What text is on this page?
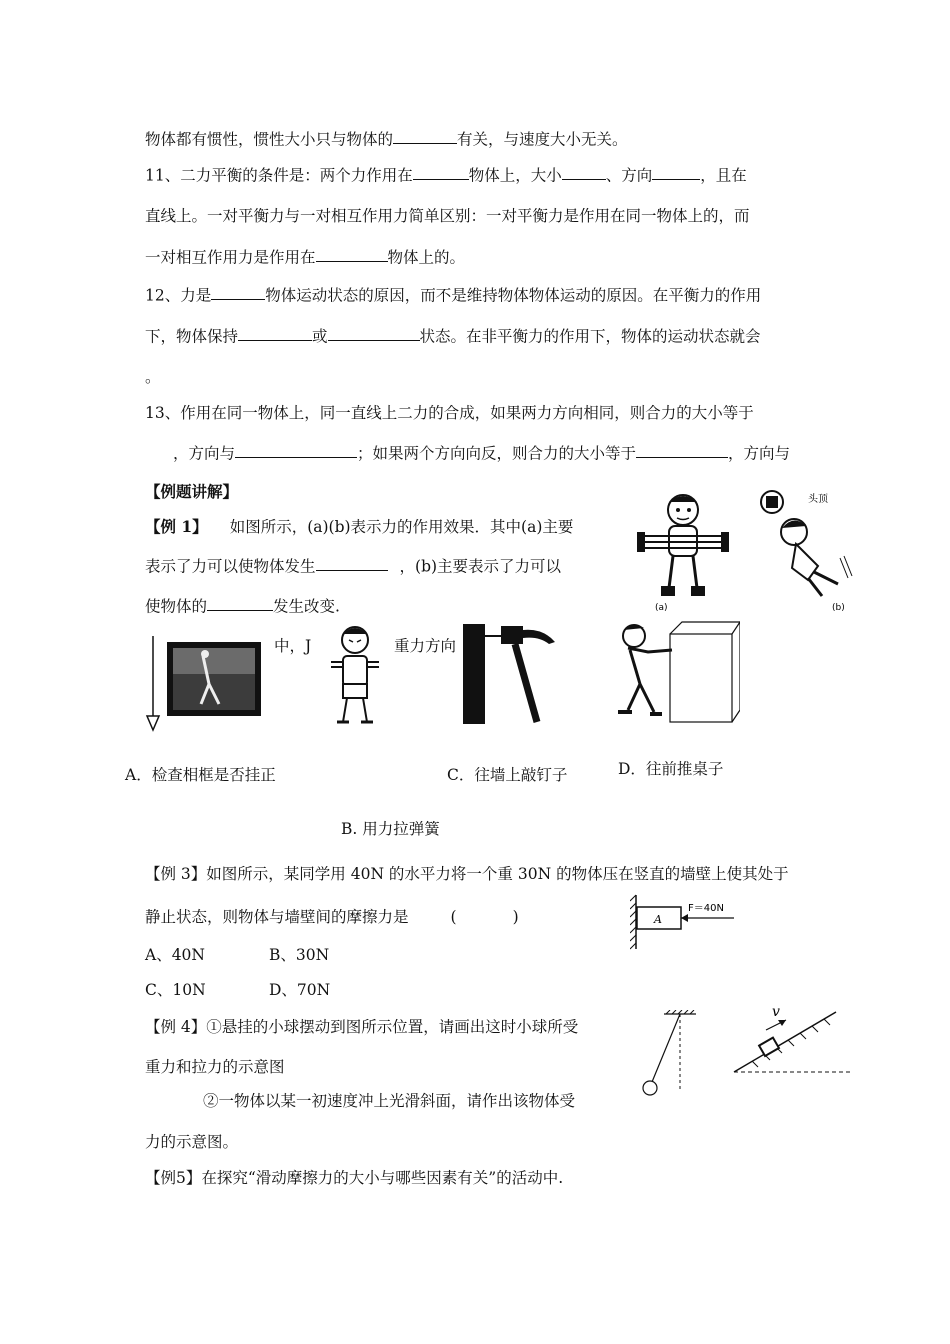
物体都有惯性，惯性大小只与物体的	有关，与速度大小无关。
11、二力平衡的条件是：两个力作用在	物体上，大小	、方向	，且在
直线上。一对平衡力与一对相互作用力简单区别：一对平衡力是作用在同一物体上的，而
一对相互作用力是作用在	物体上的。
12、力是	物体运动状态的原因，而不是维持物体物体运动的原因。在平衡力的作用
下，物体保持	或	状态。在非平衡力的作用下，物体的运动状态就会
。
13、作用在同一物体上，同一直线上二力的合成，如果两力方向相同，则合力的大小等于
，方向与	；如果两个方向向反，则合力的大小等于	，方向与
【例题讲解】
【例 1】 如图所示，(a)(b)表示力的作用效果．其中(a)主要
表示了力可以使物体发生	，(b)主要表示了力可以
使物体的	发生改变.	(a)
头顶
(b)
中，J	重力方向
A．检查相框是否挂正	C．往墙上敲钉子	D．往前推桌子
B. 用力拉弹簧
【例 3】如图所示，某同学用 40N 的水平力将一个重 30N 的物体压在竖直的墙壁上使其处于
静止状态，则物体与墙壁间的摩擦力是	(	)
A、40N	B、30N
C、10N	D、70N
A
F＝40N
【例 4】①悬挂的小球摆动到图所示位置，请画出这时小球所受
重力和拉力的示意图
②一物体以某一初速度冲上光滑斜面，请作出该物体受
力的示意图。
v
【例5】在探究“滑动摩擦力的大小与哪些因素有关”的活动中.
